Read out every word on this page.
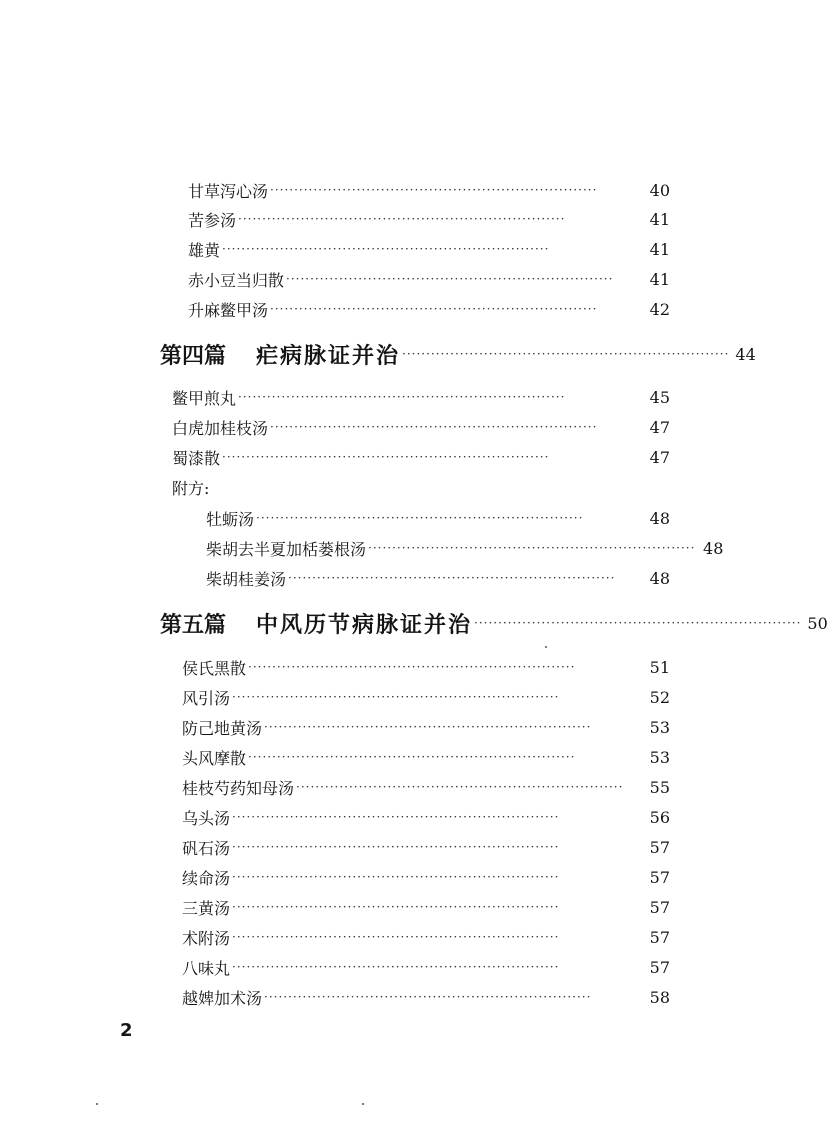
甘草泻心汤 ····································································	40
苦参汤 ····································································	41
雄黄 ····································································	41
赤小豆当归散 ····································································	41
升麻鳖甲汤 ····································································	42
第四篇 疟病脉证并治 ···································································· 44
鳖甲煎丸 ····································································	45
白虎加桂枝汤 ····································································	47
蜀漆散 ····································································	47
附方:
牡蛎汤 ····································································	48
柴胡去半夏加栝蒌根汤 ···································································· 48
柴胡桂姜汤 ····································································	48
第五篇 中风历节病脉证并治 ···································································· 50
侯氏黑散 ····································································	51
风引汤 ····································································	52
防己地黄汤 ····································································	53
头风摩散 ····································································	53
桂枝芍药知母汤 ····································································	55
乌头汤 ····································································	56
矾石汤 ····································································	57
续命汤 ····································································	57
三黄汤 ····································································	57
术附汤 ····································································	57
八味丸 ····································································	57
越婢加术汤 ····································································	58
2
